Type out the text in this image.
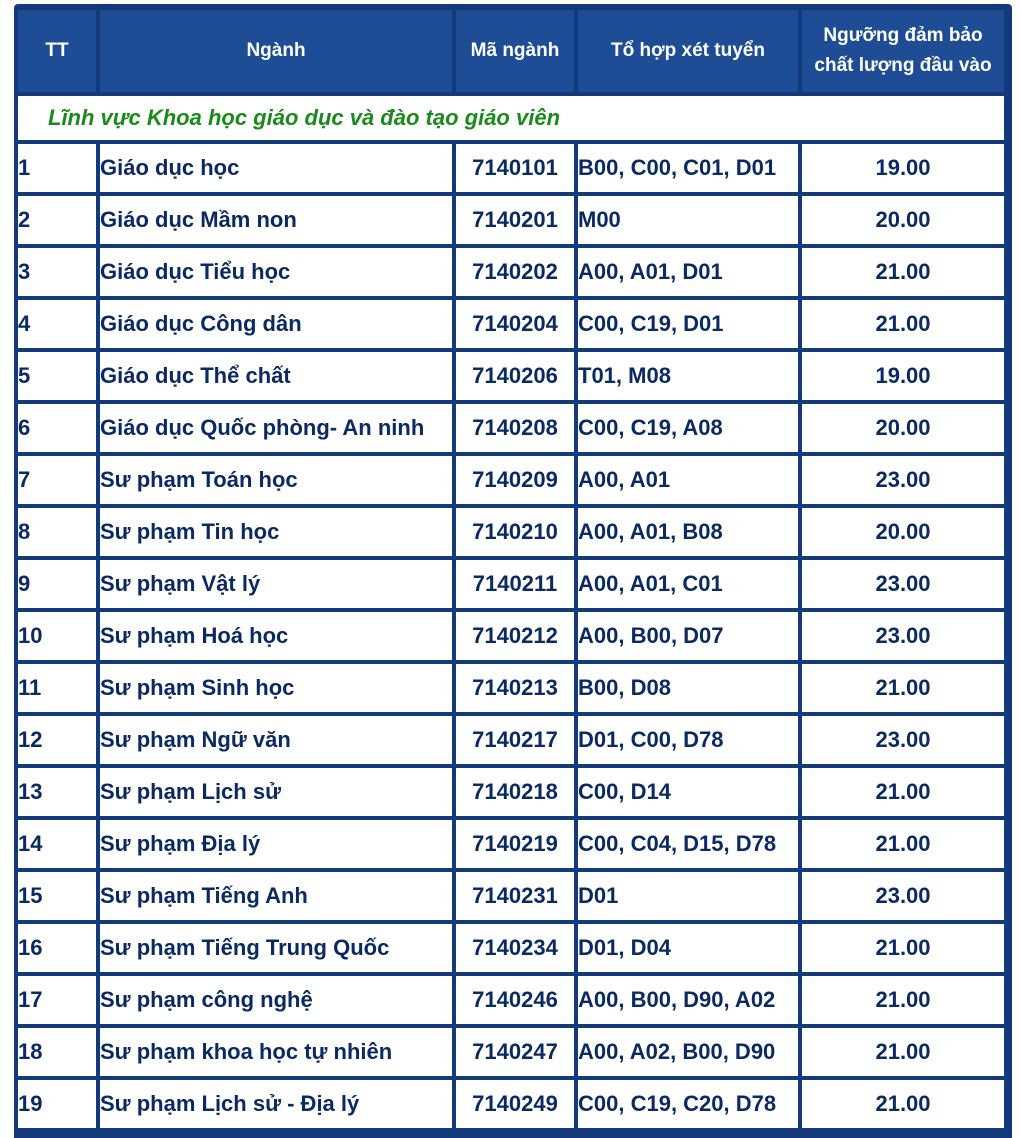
TT	Ngành	Mã ngành	Tổ hợp xét tuyển	Ngưỡng đảm bảo chất lượng đầu vào
Lĩnh vực Khoa học giáo dục và đào tạo giáo viên				
1	Giáo dục học	7140101	B00, C00, C01, D01	19.00
2	Giáo dục Mầm non	7140201	M00	20.00
3	Giáo dục Tiểu học	7140202	A00, A01, D01	21.00
4	Giáo dục Công dân	7140204	C00, C19, D01	21.00
5	Giáo dục Thể chất	7140206	T01, M08	19.00
6	Giáo dục Quốc phòng- An ninh	7140208	C00, C19, A08	20.00
7	Sư phạm Toán học	7140209	A00, A01	23.00
8	Sư phạm Tin học	7140210	A00, A01, B08	20.00
9	Sư phạm Vật lý	7140211	A00, A01, C01	23.00
10	Sư phạm Hoá học	7140212	A00, B00, D07	23.00
11	Sư phạm Sinh học	7140213	B00, D08	21.00
12	Sư phạm Ngữ văn	7140217	D01, C00, D78	23.00
13	Sư phạm Lịch sử	7140218	C00, D14	21.00
14	Sư phạm Địa lý	7140219	C00, C04, D15, D78	21.00
15	Sư phạm Tiếng Anh	7140231	D01	23.00
16	Sư phạm Tiếng Trung Quốc	7140234	D01, D04	21.00
17	Sư phạm công nghệ	7140246	A00, B00, D90, A02	21.00
18	Sư phạm khoa học tự nhiên	7140247	A00, A02, B00, D90	21.00
19	Sư phạm Lịch sử - Địa lý	7140249	C00, C19, C20, D78	21.00
